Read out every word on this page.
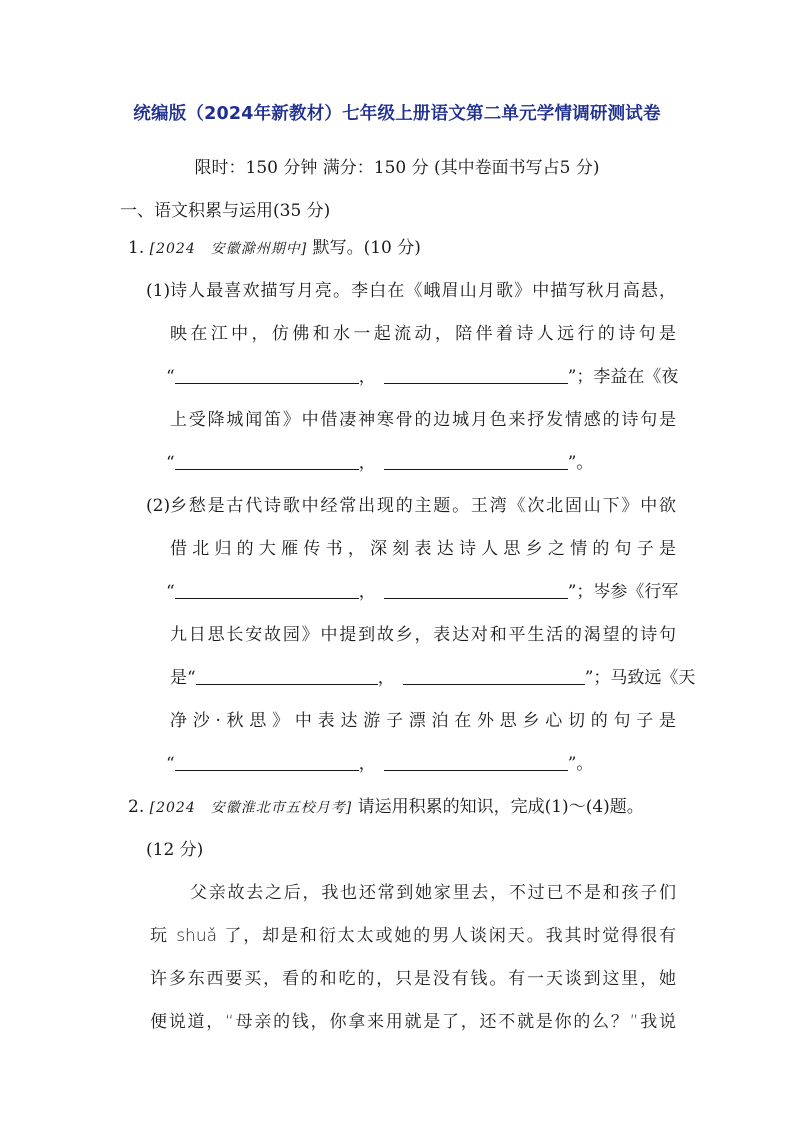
统编版（2024年新教材）七年级上册语文第二单元学情调研测试卷
限时：150 分钟 满分：150 分 (其中卷面书写占5 分)
一、语文积累与运用(35 分)
1. [2024　安徽滁州期中] 默写。(10 分)
(1) 诗人最喜欢描写月亮。李白在《峨眉山月歌》中描写秋月高悬，
映在江中，仿佛和水一起流动，陪伴着诗人远行的诗句是
“	，	”；李益在《夜
上受降城闻笛》中借凄神寒骨的边城月色来抒发情感的诗句是
“	，	”。
(2) 乡愁是古代诗歌中经常出现的主题。王湾《次北固山下》中欲
借北归的大雁传书，深刻表达诗人思乡之情的句子是
“	，	”；岑参《行军
九日思长安故园》中提到故乡，表达对和平生活的渴望的诗句
是“	，	”；马致远《天
净沙·秋思》中表达游子漂泊在外思乡心切的句子是
“	，	”。
2. [2024　安徽淮北市五校月考] 请运用积累的知识，完成(1)～(4)题。
(12 分)
父亲故去之后，我也还常到她家里去，不过已不是和孩子们
玩 shuǎ 了，却是和衍太太或她的男人谈闲天。我其时觉得很有
许多东西要买，看的和吃的，只是没有钱。有一天谈到这里，她
便说道，“母亲的钱，你拿来用就是了，还不就是你的么？”我说
